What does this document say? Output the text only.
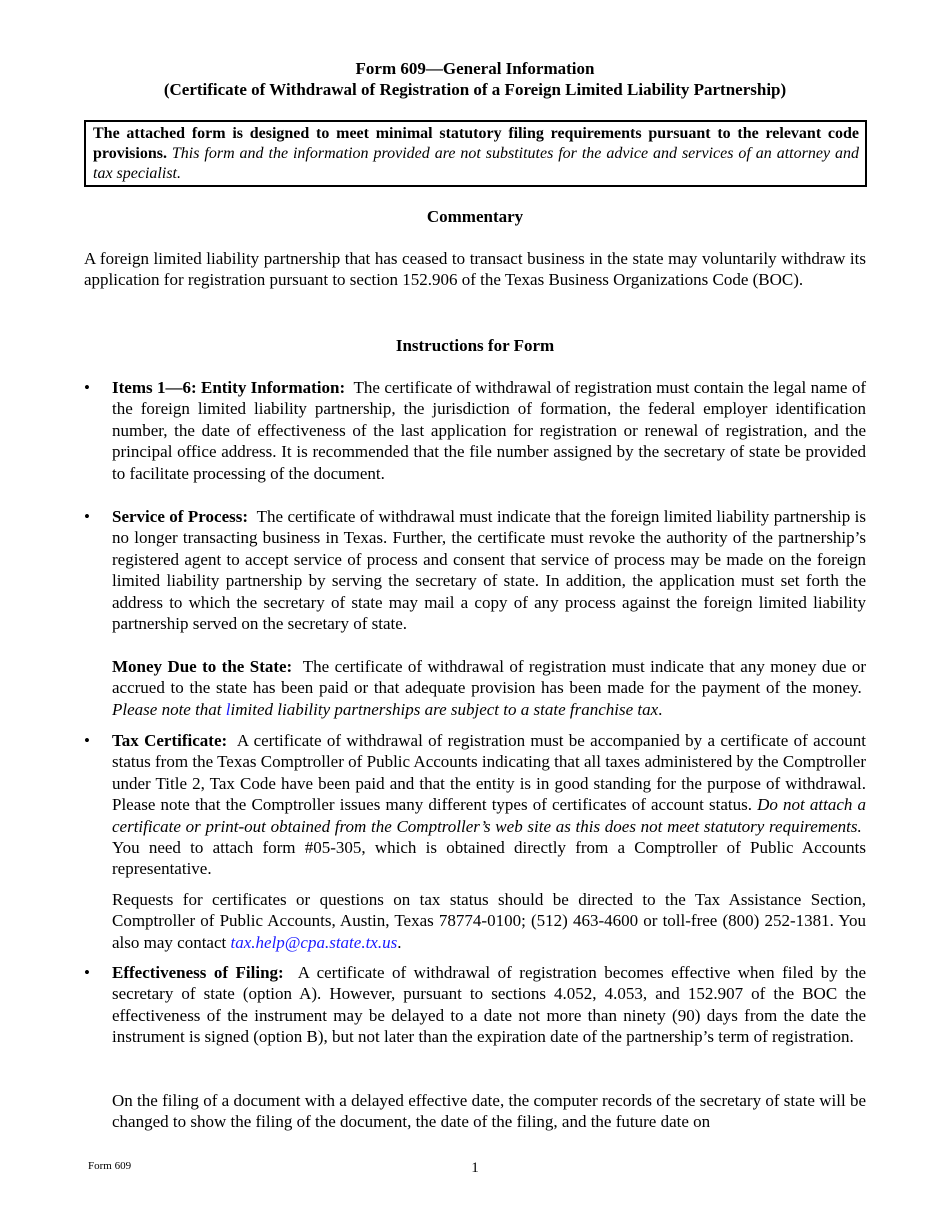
Form 609—General Information
(Certificate of Withdrawal of Registration of a Foreign Limited Liability Partnership)
The attached form is designed to meet minimal statutory filing requirements pursuant to the relevant code provisions. This form and the information provided are not substitutes for the advice and services of an attorney and tax specialist.
Commentary
A foreign limited liability partnership that has ceased to transact business in the state may voluntarily withdraw its application for registration pursuant to section 152.906 of the Texas Business Organizations Code (BOC).
Instructions for Form
• Items 1—6: Entity Information: The certificate of withdrawal of registration must contain the legal name of the foreign limited liability partnership, the jurisdiction of formation, the federal employer identification number, the date of effectiveness of the last application for registration or renewal of registration, and the principal office address. It is recommended that the file number assigned by the secretary of state be provided to facilitate processing of the document.
• Service of Process: The certificate of withdrawal must indicate that the foreign limited liability partnership is no longer transacting business in Texas. Further, the certificate must revoke the authority of the partnership’s registered agent to accept service of process and consent that service of process may be made on the foreign limited liability partnership by serving the secretary of state. In addition, the application must set forth the address to which the secretary of state may mail a copy of any process against the foreign limited liability partnership served on the secretary of state.
Money Due to the State: The certificate of withdrawal of registration must indicate that any money due or accrued to the state has been paid or that adequate provision has been made for the payment of the money.  Please note that limited liability partnerships are subject to a state franchise tax.
• Tax Certificate: A certificate of withdrawal of registration must be accompanied by a certificate of account status from the Texas Comptroller of Public Accounts indicating that all taxes administered by the Comptroller under Title 2, Tax Code have been paid and that the entity is in good standing for the purpose of withdrawal. Please note that the Comptroller issues many different types of certificates of account status. Do not attach a certificate or print-out obtained from the Comptroller’s web site as this does not meet statutory requirements.  You need to attach form #05-305, which is obtained directly from a Comptroller of Public Accounts representative.
Requests for certificates or questions on tax status should be directed to the Tax Assistance Section, Comptroller of Public Accounts, Austin, Texas 78774-0100; (512) 463-4600 or toll-free (800) 252-1381. You also may contact tax.help@cpa.state.tx.us.
• Effectiveness of Filing: A certificate of withdrawal of registration becomes effective when filed by the secretary of state (option A). However, pursuant to sections 4.052, 4.053, and 152.907 of the BOC the effectiveness of the instrument may be delayed to a date not more than ninety (90) days from the date the instrument is signed (option B), but not later than the expiration date of the partnership’s term of registration.
On the filing of a document with a delayed effective date, the computer records of the secretary of state will be changed to show the filing of the document, the date of the filing, and the future date on
Form 609	1
